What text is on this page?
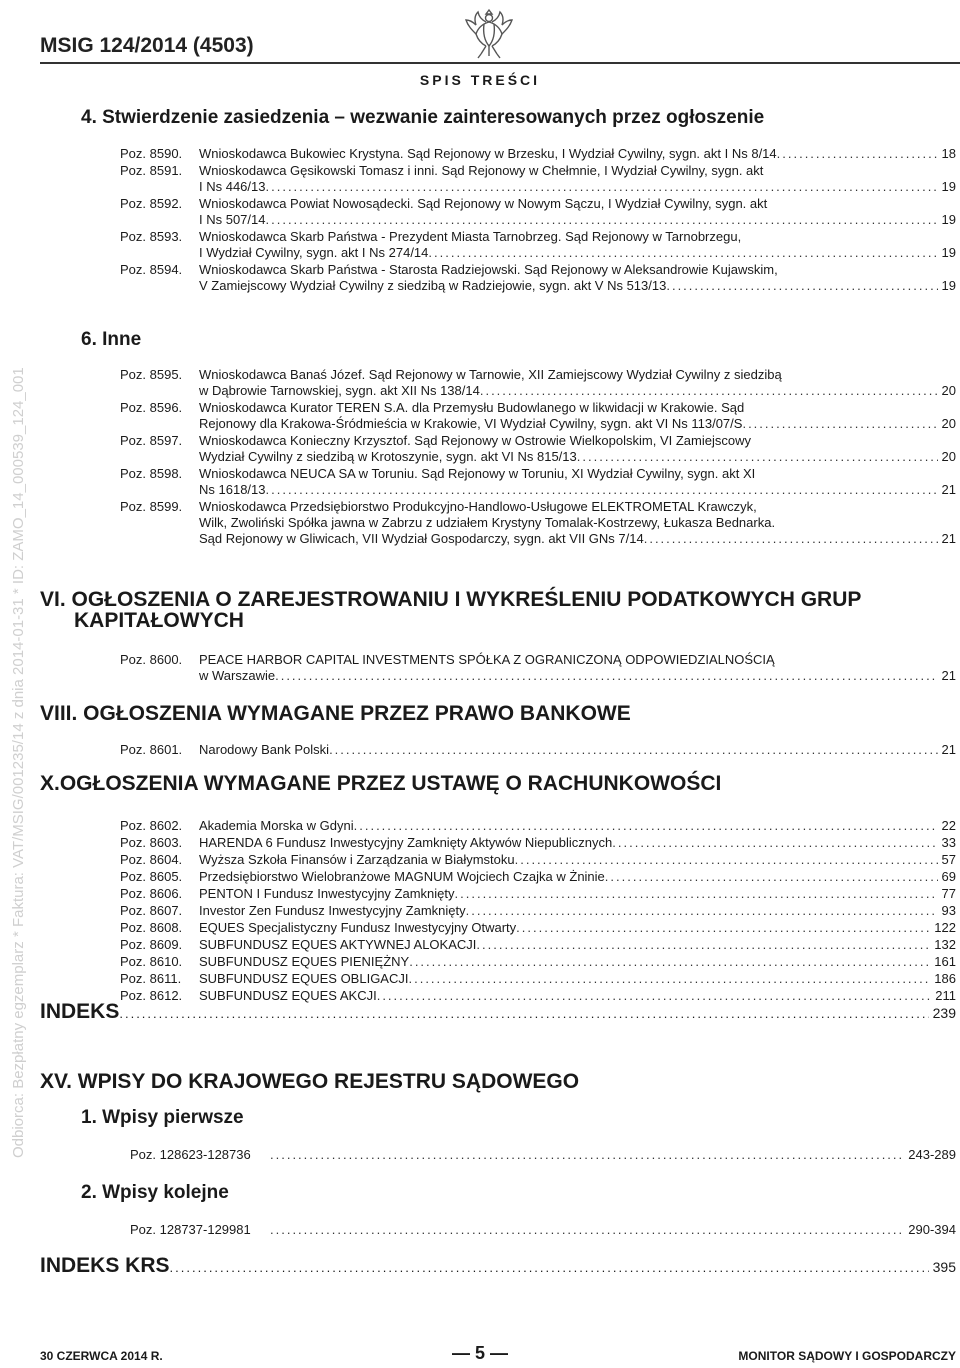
Odbiorca: Bezpłatny egzemplarz * Faktura: VAT/MSIG/001235/14 z dnia 2014-01-31 * ID: ZAMO_14_000539_124_001
MSIG 124/2014 (4503)
SPIS TREŚCI
4. Stwierdzenie zasiedzenia – wezwanie zainteresowanych przez ogłoszenie
6. Inne
VI. OGŁOSZENIA O ZAREJESTROWANIU I WYKREŚLENIU PODATKOWYCH GRUP
KAPITAŁOWYCH
VIII. OGŁOSZENIA WYMAGANE PRZEZ PRAWO BANKOWE
X.OGŁOSZENIA WYMAGANE PRZEZ USTAWĘ O RACHUNKOWOŚCI
INDEKS .....	239
XV. WPISY DO KRAJOWEGO REJESTRU SĄDOWEGO
1. Wpisy pierwsze
2. Wpisy kolejne
INDEKS KRS .....	395
30 CZERWCA 2014 R.	— 5 —	MONITOR SĄDOWY I GOSPODARCZY
Poz. 8590. Wnioskodawca Bukowiec Krystyna. Sąd Rejonowy w Brzesku, I Wydział Cywilny, sygn. akt I Ns 8/14 .....	18
Poz. 8591. Wnioskodawca Gęsikowski Tomasz i inni. Sąd Rejonowy w Chełmnie, I Wydział Cywilny, sygn. akt
I Ns 446/13 .....	19
Poz. 8592. Wnioskodawca Powiat Nowosądecki. Sąd Rejonowy w Nowym Sączu, I Wydział Cywilny, sygn. akt
I Ns 507/14 .....	19
Poz. 8593. Wnioskodawca Skarb Państwa - Prezydent Miasta Tarnobrzeg. Sąd Rejonowy w Tarnobrzegu,
I Wydział Cywilny, sygn. akt I Ns 274/14 .....	19
Poz. 8594. Wnioskodawca Skarb Państwa - Starosta Radziejowski. Sąd Rejonowy w Aleksandrowie Kujawskim,
V Zamiejscowy Wydział Cywilny z siedzibą w Radziejowie, sygn. akt V Ns 513/13 .....	19
Poz. 8595. Wnioskodawca Banaś Józef. Sąd Rejonowy w Tarnowie, XII Zamiejscowy Wydział Cywilny z siedzibą
w Dąbrowie Tarnowskiej, sygn. akt XII Ns 138/14 .....	20
Poz. 8596. Wnioskodawca Kurator TEREN S.A. dla Przemysłu Budowlanego w likwidacji w Krakowie. Sąd
Rejonowy dla Krakowa-Śródmieścia w Krakowie, VI Wydział Cywilny, sygn. akt VI Ns 113/07/S .....	20
Poz. 8597. Wnioskodawca Konieczny Krzysztof. Sąd Rejonowy w Ostrowie Wielkopolskim, VI Zamiejscowy
Wydział Cywilny z siedzibą w Krotoszynie, sygn. akt VI Ns 815/13 .....	20
Poz. 8598. Wnioskodawca NEUCA SA w Toruniu. Sąd Rejonowy w Toruniu, XI Wydział Cywilny, sygn. akt XI
Ns 1618/13 .....	21
Poz. 8599. Wnioskodawca Przedsiębiorstwo Produkcyjno-Handlowo-Usługowe ELEKTROMETAL Krawczyk,
Wilk, Zwoliński Spółka jawna w Zabrzu z udziałem Krystyny Tomalak-Kostrzewy, Łukasza Bednarka.
Sąd Rejonowy w Gliwicach, VII Wydział Gospodarczy, sygn. akt VII GNs 7/14 .....	21
Poz. 8600. PEACE HARBOR CAPITAL INVESTMENTS SPÓŁKA Z OGRANICZONĄ ODPOWIEDZIALNOŚCIĄ
w Warszawie .....	21
Poz. 8601. Narodowy Bank Polski .....	21
Poz. 8602. Akademia Morska w Gdyni .....	22
Poz. 8603. HARENDA 6 Fundusz Inwestycyjny Zamknięty Aktywów Niepublicznych .....	33
Poz. 8604. Wyższa Szkoła Finansów i Zarządzania w Białymstoku .....	57
Poz. 8605. Przedsiębiorstwo Wielobranżowe MAGNUM Wojciech Czajka w Żninie .....	69
Poz. 8606. PENTON I Fundusz Inwestycyjny Zamknięty .....	77
Poz. 8607. Investor Zen Fundusz Inwestycyjny Zamknięty .....	93
Poz. 8608. EQUES Specjalistyczny Fundusz Inwestycyjny Otwarty .....	122
Poz. 8609. SUBFUNDUSZ EQUES AKTYWNEJ ALOKACJI .....	132
Poz. 8610. SUBFUNDUSZ EQUES PIENIĘŻNY .....	161
Poz. 8611. SUBFUNDUSZ EQUES OBLIGACJI .....	186
Poz. 8612. SUBFUNDUSZ EQUES AKCJI .....	211
Poz. 128623-128736 .....	243-289
Poz. 128737-129981 .....	290-394
